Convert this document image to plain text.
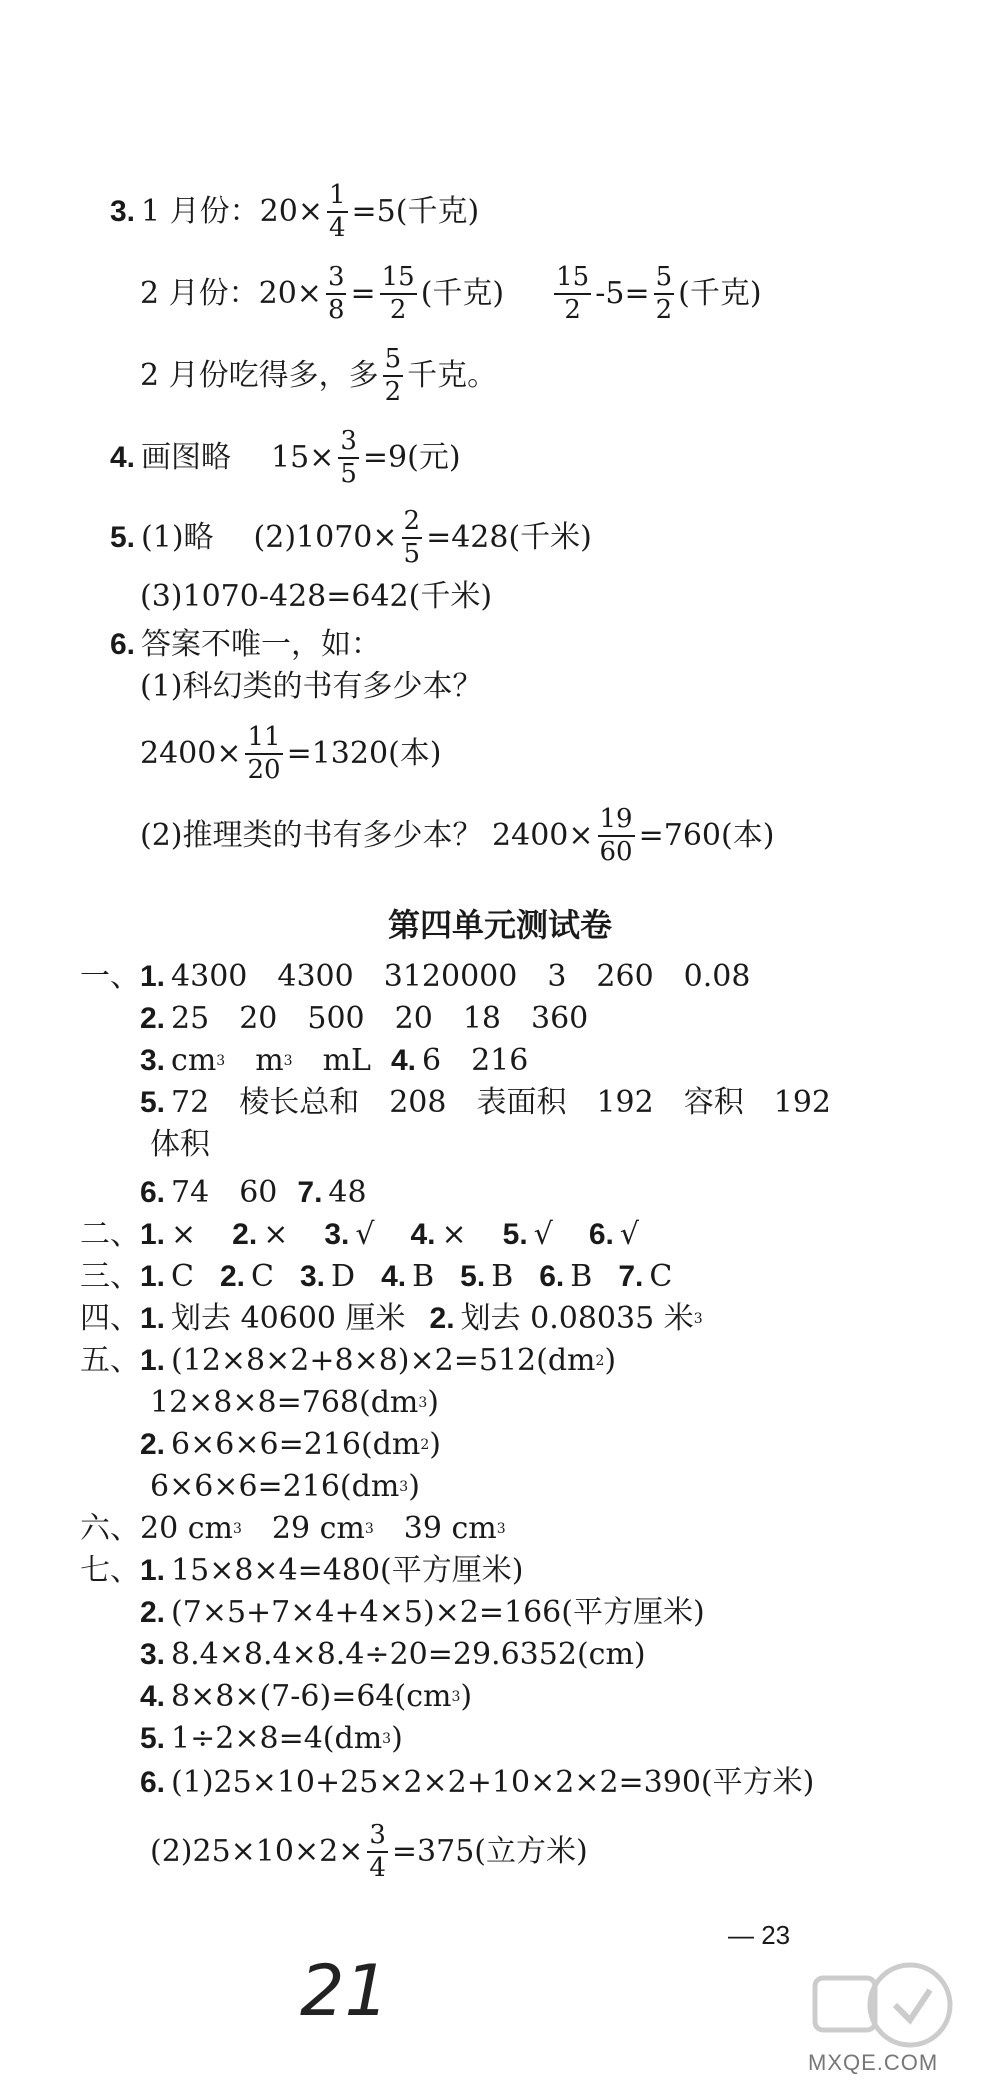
3. 1 月份：$20\times \frac{1}{4} =5$(千克)
2 月份：$20\times \frac{3}{8} = \frac{15}{2}$ (千克) $\frac{15}{2} -5= \frac{5}{2}$ (千克)
2 月份吃得多，多 $\frac{5}{2}$ 千克。
4. 画图略 $15\times \frac{3}{5} =9$(元)
5. (1)略 $(2)1070\times \frac{2}{5} =428$(千米)
(3)1070-428=642(千米)
6. 答案不唯一，如：
(1)科幻类的书有多少本？
$2400\times \frac{11}{20} =1320$(本)
(2)推理类的书有多少本？ $2400\times \frac{19}{60} =760$(本)
第四单元测试卷
一、 1. 4300　4300　3120000　3　260　0.08
2. 25　20　500　20　18　360
3. cm 3 　m 3 　mL 4. 6　216
5. 72　棱长总和　208　表面积　192　容积　192
体积
6. 74　60 7. 48
二、 1. × 2. × 3. √ 4. × 5. √ 6. √
三、 1. C 2. C 3. D 4. B 5. B 6. B 7. C
四、 1. 划去 40600 厘米 2. 划去 0.08035 米 3
五、 1. (12×8×2+8×8)×2=512(dm 2 )
12×8×8=768(dm 3 )
2. 6×6×6=216(dm 2 )
6×6×6=216(dm 3 )
六、 20 cm 3 　29 cm 3 　39 cm 3
七、 1. 15×8×4=480(平方厘米)
2. (7×5+7×4+4×5)×2=166(平方厘米)
3. 8.4×8.4×8.4÷20=29.6352(cm)
4. 8×8×(7-6)=64(cm 3 )
5. 1÷2×8=4(dm 3 )
6. (1)25×10+25×2×2+10×2×2=390(平方米)
$(2)25\times 10\times 2\times \frac{3}{4} =375$(立方米)
— 23
21
MXQE.COM
